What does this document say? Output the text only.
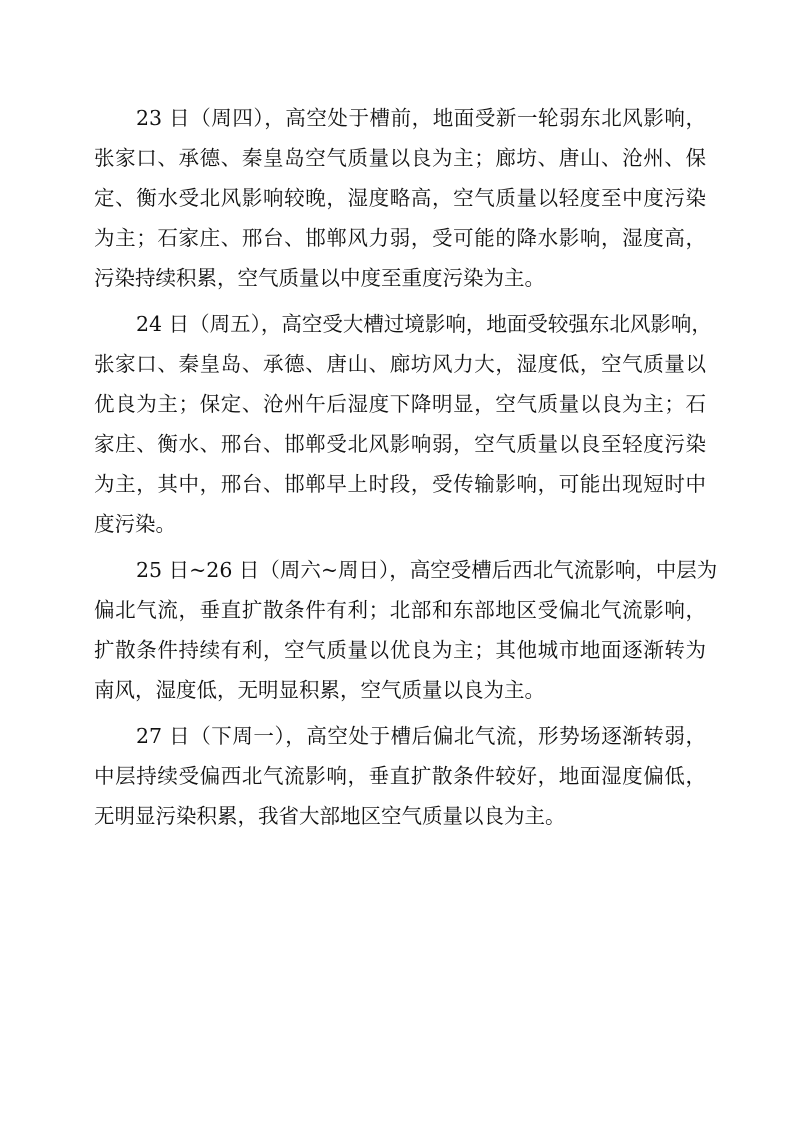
23 日（周四），高空处于槽前，地面受新一轮弱东北风影响，
张家口、承德、秦皇岛空气质量以良为主；廊坊、唐山、沧州、保
定、衡水受北风影响较晚，湿度略高，空气质量以轻度至中度污染
为主；石家庄、邢台、邯郸风力弱，受可能的降水影响，湿度高，
污染持续积累，空气质量以中度至重度污染为主。
24 日（周五），高空受大槽过境影响，地面受较强东北风影响，
张家口、秦皇岛、承德、唐山、廊坊风力大，湿度低，空气质量以
优良为主；保定、沧州午后湿度下降明显，空气质量以良为主；石
家庄、衡水、邢台、邯郸受北风影响弱，空气质量以良至轻度污染
为主，其中，邢台、邯郸早上时段，受传输影响，可能出现短时中
度污染。
25 日~26 日（周六~周日），高空受槽后西北气流影响，中层为
偏北气流，垂直扩散条件有利；北部和东部地区受偏北气流影响，
扩散条件持续有利，空气质量以优良为主；其他城市地面逐渐转为
南风，湿度低，无明显积累，空气质量以良为主。
27 日（下周一），高空处于槽后偏北气流，形势场逐渐转弱，
中层持续受偏西北气流影响，垂直扩散条件较好，地面湿度偏低，
无明显污染积累，我省大部地区空气质量以良为主。
